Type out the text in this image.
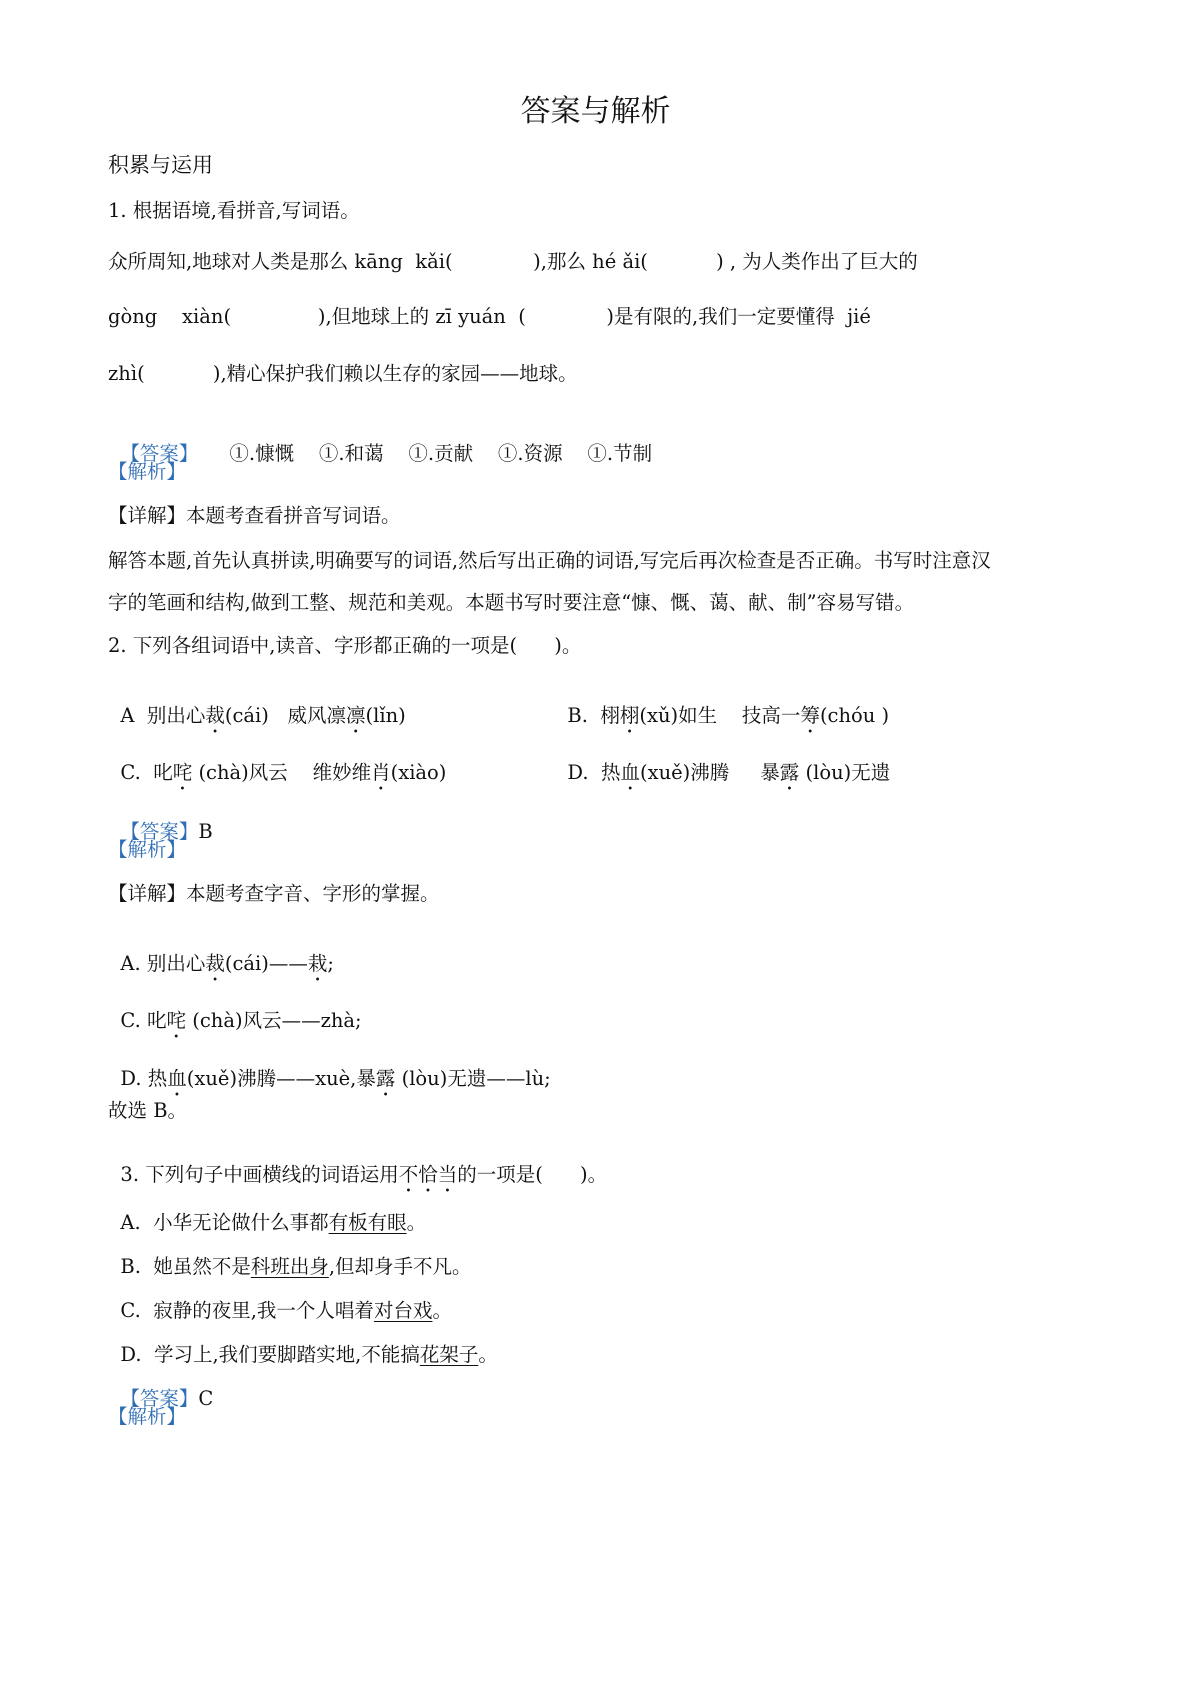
答案与解析
积累与运用
1. 根据语境,看拼音,写词语。
众所周知,地球对人类是那么 kāng  kǎi(             ),那么 hé ǎi(           ) , 为人类作出了巨大的
gòng    xiàn(              ),但地球上的 zī yuán  (             )是有限的,我们一定要懂得  jié
zhì(           ),精心保护我们赖以生存的家园——地球。

【答案】 ①.慷慨 ①.和蔼 ①.贡献 ①.资源 ①.节制

【解析】
【详解】本题考查看拼音写词语。
解答本题,首先认真拼读,明确要写的词语,然后写出正确的词语,写完后再次检查是否正确。书写时注意汉
字的笔画和结构,做到工整、规范和美观。本题书写时要注意“慷、慨、蔼、献、制”容易写错。
2. 下列各组词语中,读音、字形都正确的一项是(      )。

A  别出心裁(cái)   威风凛凛(lǐn)	B.  栩栩(xǔ)如生    技高一筹(chóu )

C.  叱咤 (chà)风云    维妙维肖(xiào)	D.  热血(xuě)沸腾     暴露 (lòu)无遗

【答案】B

【解析】
【详解】本题考查字音、字形的掌握。

A. 别出心裁(cái)——栽;

C. 叱咤 (chà)风云——zhà;

D. 热血(xuě)沸腾——xuè,暴露 (lòu)无遗——lù;

故选 B。

3. 下列句子中画横线的词语运用不恰当的一项是(      )。

A.  小华无论做什么事都有板有眼。

B.  她虽然不是科班出身,但却身手不凡。

C.  寂静的夜里,我一个人唱着对台戏。

D.  学习上,我们要脚踏实地,不能搞花架子。

【答案】C

【解析】
